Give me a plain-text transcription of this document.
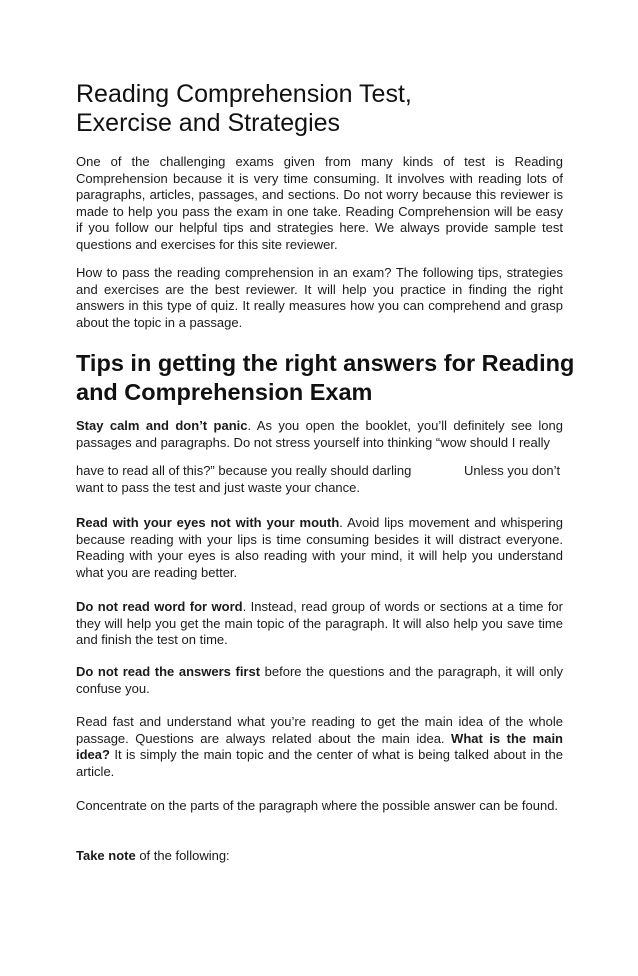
Reading Comprehension Test,
Exercise and Strategies

One of the challenging exams given from many kinds of test is Reading Comprehension because it is very time consuming. It involves with reading lots of paragraphs, articles, passages, and sections. Do not worry because this reviewer is made to help you pass the exam in one take. Reading Comprehension will be easy if you follow our helpful tips and strategies here. We always provide sample test questions and exercises for this site reviewer.

How to pass the reading comprehension in an exam? The following tips, strategies and exercises are the best reviewer. It will help you practice in finding the right answers in this type of quiz. It really measures how you can comprehend and grasp about the topic in a passage.

Tips in getting the right answers for Reading
and Comprehension Exam

Stay calm and don’t panic. As you open the booklet, you’ll definitely see long passages and paragraphs. Do not stress yourself into thinking “wow should I really

have to read all of this?” because you really should darling	Unless you don’t
want to pass the test and just waste your chance.

Read with your eyes not with your mouth. Avoid lips movement and whispering because reading with your lips is time consuming besides it will distract everyone. Reading with your eyes is also reading with your mind, it will help you understand what you are reading better.

Do not read word for word. Instead, read group of words or sections at a time for they will help you get the main topic of the paragraph. It will also help you save time and finish the test on time.

Do not read the answers first before the questions and the paragraph, it will only confuse you.

Read fast and understand what you’re reading to get the main idea of the whole passage. Questions are always related about the main idea. What is the main idea? It is simply the main topic and the center of what is being talked about in the article.

Concentrate on the parts of the paragraph where the possible answer can be found.

Take note of the following:
